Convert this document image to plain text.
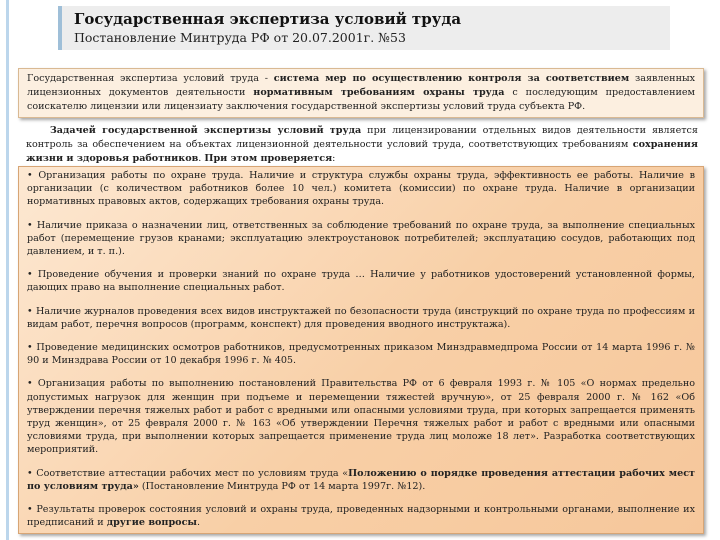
Государственная экспертиза условий труда
Постановление Минтруда РФ от 20.07.2001г. №53
Государственная экспертиза условий труда - система мер по осуществлению контроля за соответствием заявленных лицензионных документов деятельности нормативным требованиям охраны труда с последующим предоставлением соискателю лицензии или лицензиату заключения государственной экспертизы условий труда субъекта РФ.
Задачей государственной экспертизы условий труда при лицензировании отдельных видов деятельности является контроль за обеспечением на объектах лицензионной деятельности условий труда, соответствующих требованиям сохранения жизни и здоровья работников. При этом проверяется:
• Организация работы по охране труда. Наличие и структура службы охраны труда, эффективность ее работы. Наличие в организации (с количеством работников более 10 чел.) комитета (комиссии) по охране труда. Наличие в организации нормативных правовых актов, содержащих требования охраны труда.
• Наличие приказа о назначении лиц, ответственных за соблюдение требований по охране труда, за выполнение специальных работ (перемещение грузов кранами; эксплуатацию электроустановок потребителей; эксплуатацию сосудов, работающих под давлением, и т. п.).
• Проведение обучения и проверки знаний по охране труда … Наличие у работников удостоверений установленной формы, дающих право на выполнение специальных работ.
• Наличие журналов проведения всех видов инструктажей по безопасности труда (инструкций по охране труда по профессиям и видам работ, перечня вопросов (программ, конспект) для проведения вводного инструктажа).
• Проведение медицинских осмотров работников, предусмотренных приказом Минздравмедпрома России от 14 марта 1996 г. № 90 и Минздрава России от 10 декабря 1996 г. № 405.
• Организация работы по выполнению постановлений Правительства РФ от 6 февраля 1993 г. № 105 «О нормах предельно допустимых нагрузок для женщин при подъеме и перемещении тяжестей вручную», от 25 февраля 2000 г. № 162 «Об утверждении перечня тяжелых работ и работ с вредными или опасными условиями труда, при которых запрещается применять труд женщин», от 25 февраля 2000 г. № 163 «Об утверждении Перечня тяжелых работ и работ с вредными или опасными условиями труда, при выполнении которых запрещается применение труда лиц моложе 18 лет». Разработка соответствующих мероприятий.
• Соответствие аттестации рабочих мест по условиям труда «Положению о порядке проведения аттестации рабочих мест по условиям труда» (Постановление Минтруда РФ от 14 марта 1997г. №12).
• Результаты проверок состояния условий и охраны труда, проведенных надзорными и контрольными органами, выполнение их предписаний и другие вопросы.
